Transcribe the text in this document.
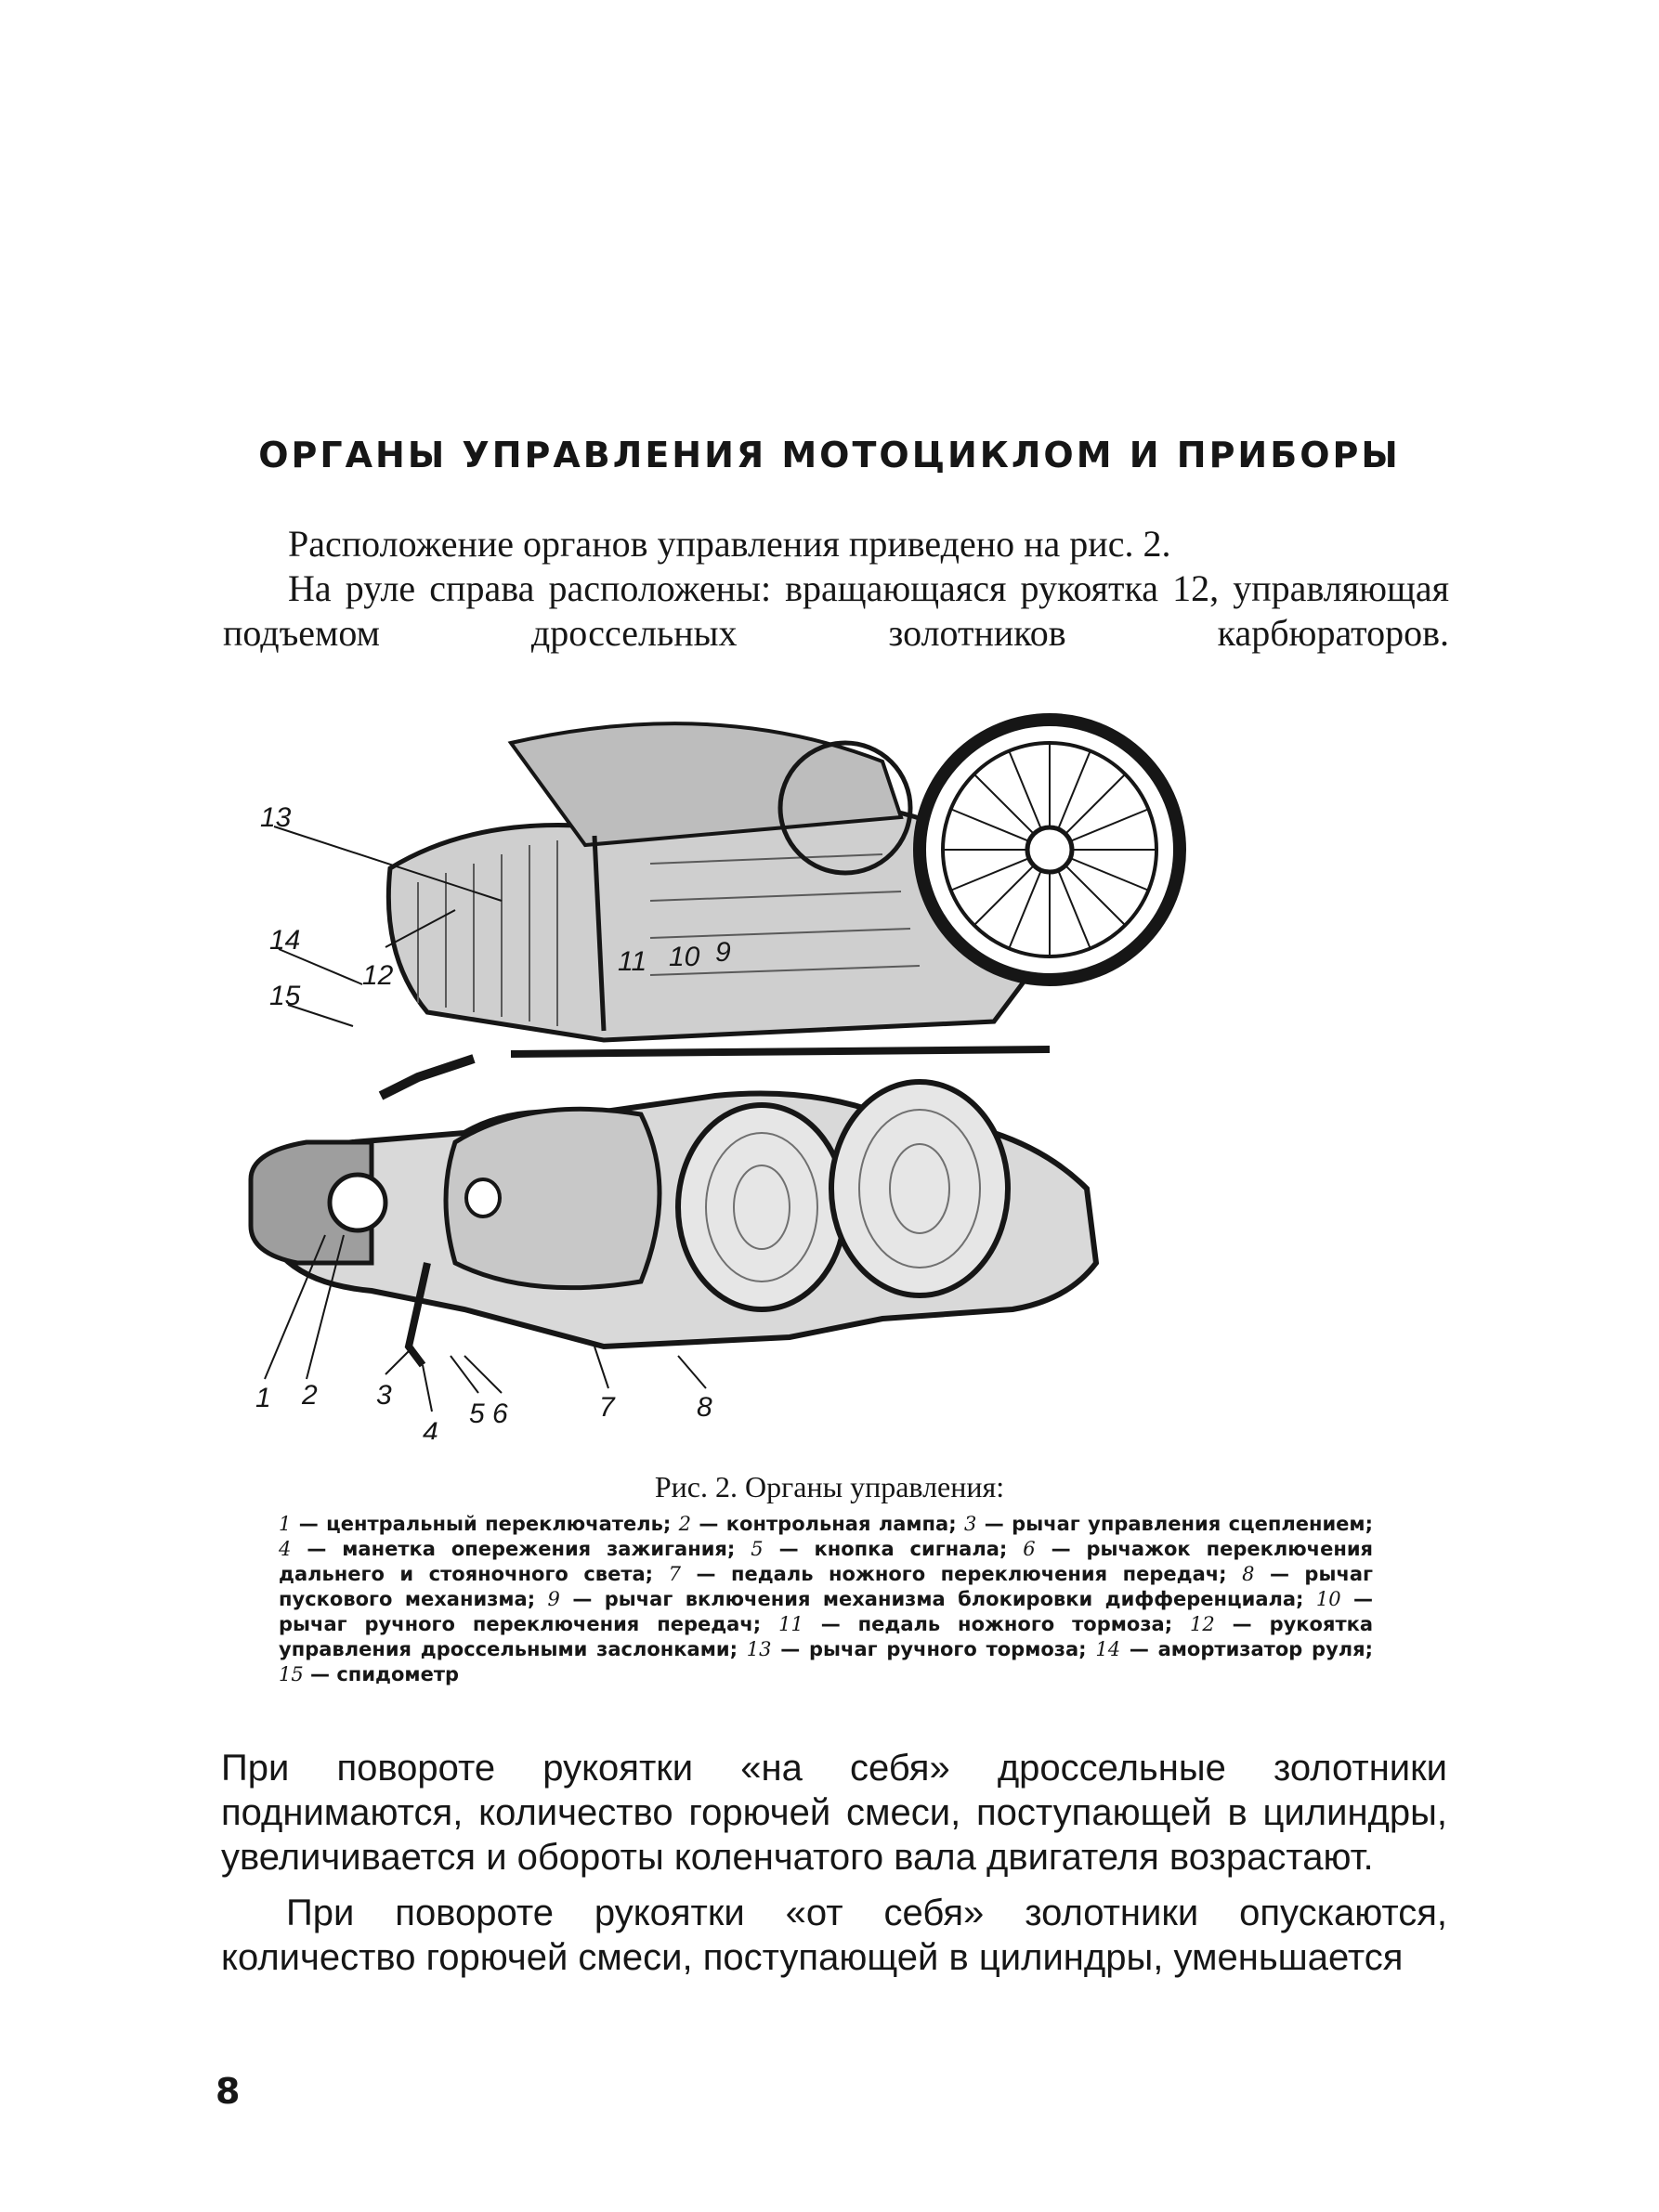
ОРГАНЫ УПРАВЛЕНИЯ МОТОЦИКЛОМ И ПРИБОРЫ

Расположение органов управления приведено на рис. 2.

На руле справа расположены: вращающаяся рукоятка 12, управляющая подъемом дроссельных золотников карбюраторов.

13
14
15
12	11 10 9
1 2 3
4
5 6	7	8
Рис. 2. Органы управления:
1 — центральный переключатель; 2 — контрольная лампа; 3 — рычаг управления сцеплением; 4 — манетка опережения зажигания; 5 — кнопка сигнала; 6 — рычажок переключения дальнего и стояночного света; 7 — педаль ножного переключения передач; 8 — рычаг пускового механизма; 9 — рычаг включения механизма блокировки дифференциала; 10 — рычаг ручного переключения передач; 11 — педаль ножного тормоза; 12 — рукоятка управления дроссельными заслонками; 13 — рычаг ручного тормоза; 14 — амортизатор руля; 15 — спидометр

При повороте рукоятки «на себя» дроссельные золотники поднимаются, количество горючей смеси, поступающей в цилиндры, увеличивается и обороты коленчатого вала двигателя возрастают.

При повороте рукоятки «от себя» золотники опускаются, количество горючей смеси, поступающей в цилиндры, уменьшается

8
